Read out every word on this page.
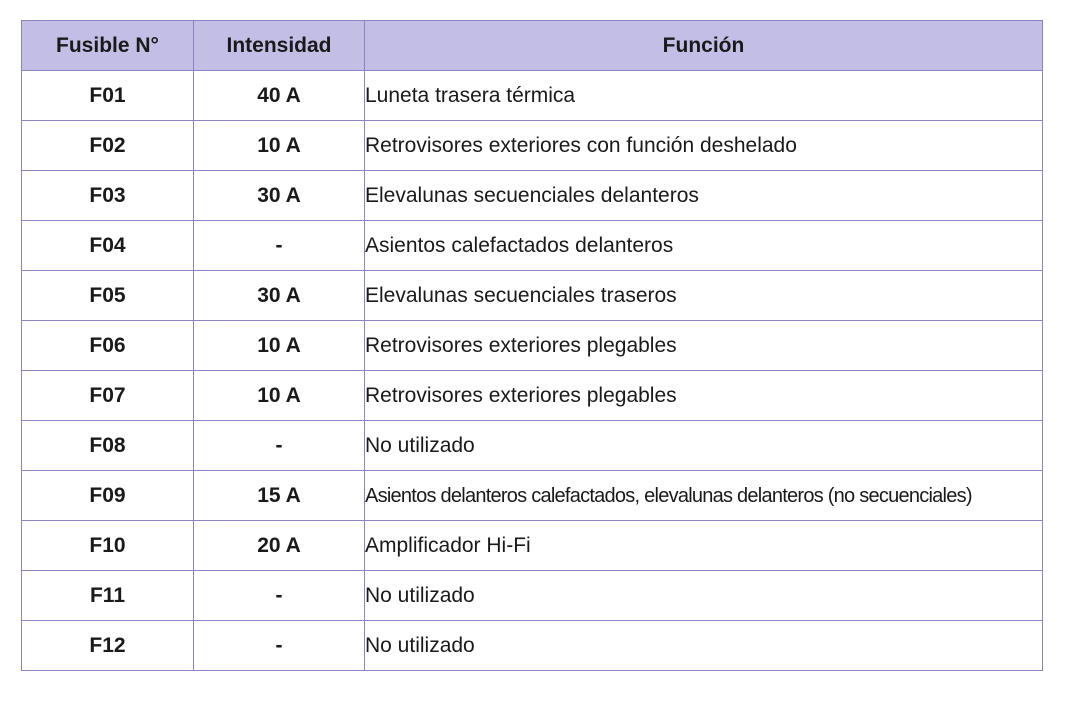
Fusible N°	Intensidad	Función
F01	40 A	Luneta trasera térmica
F02	10 A	Retrovisores exteriores con función deshelado
F03	30 A	Elevalunas secuenciales delanteros
F04	-	Asientos calefactados delanteros
F05	30 A	Elevalunas secuenciales traseros
F06	10 A	Retrovisores exteriores plegables
F07	10 A	Retrovisores exteriores plegables
F08	-	No utilizado
F09	15 A	Asientos delanteros calefactados, elevalunas delanteros (no secuenciales)
F10	20 A	Amplificador Hi-Fi
F11	-	No utilizado
F12	-	No utilizado
